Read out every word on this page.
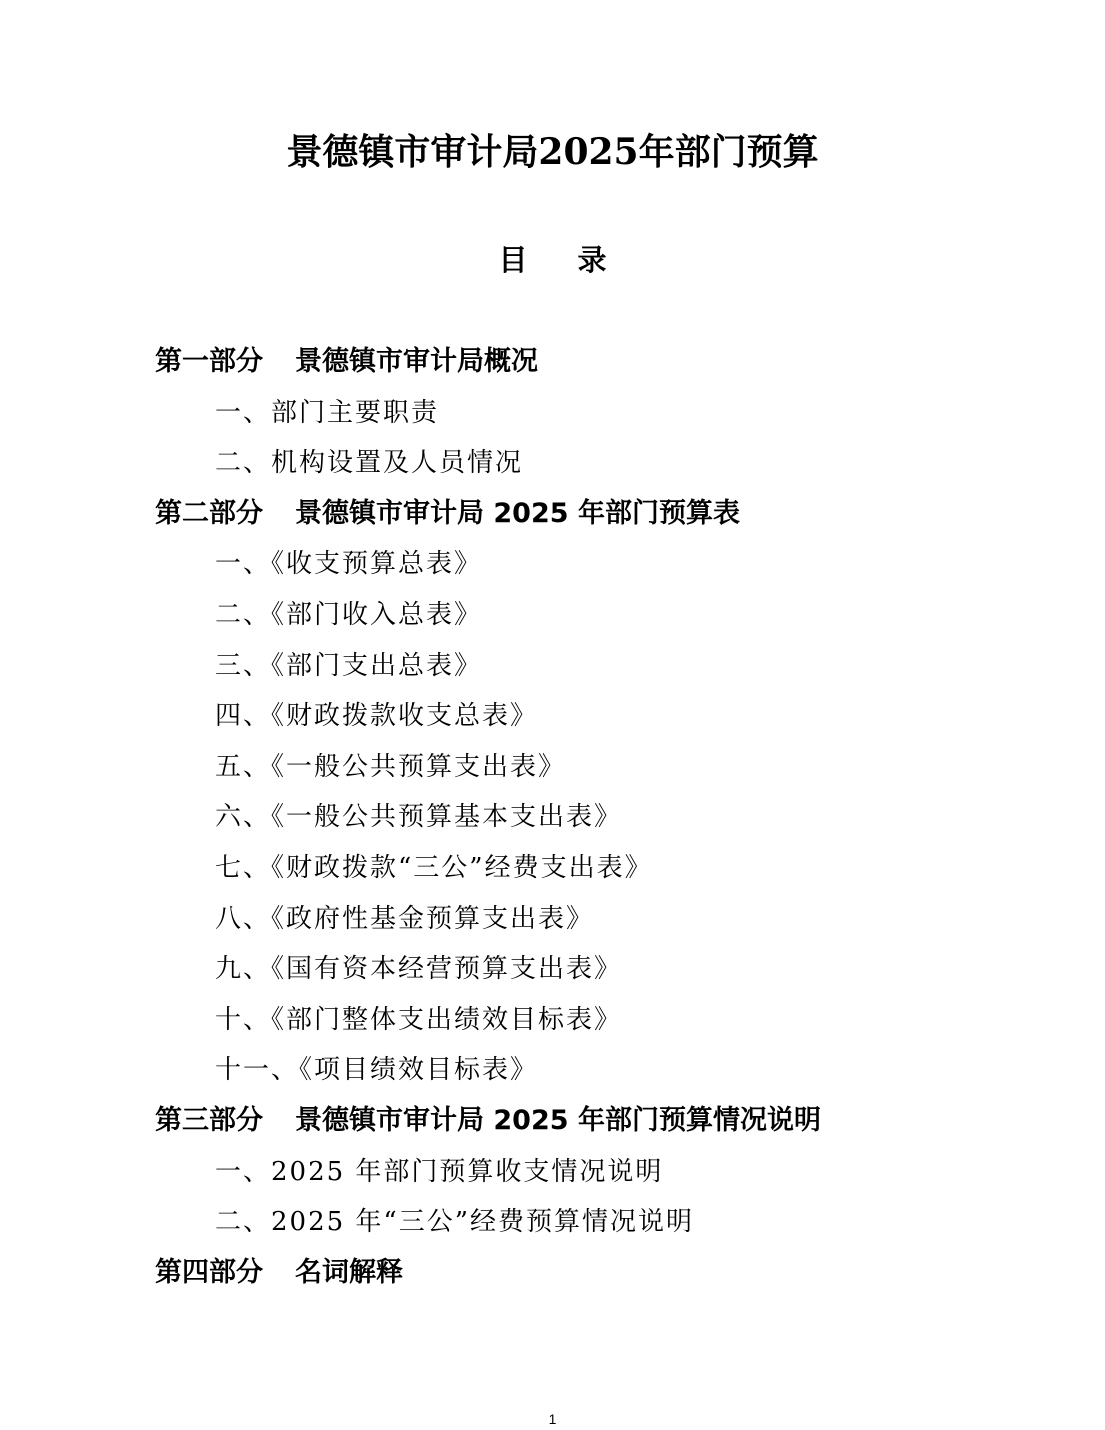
景德镇市审计局2025年部门预算
目录
第一部分 景德镇市审计局概况
一、部门主要职责
二、机构设置及人员情况
第二部分 景德镇市审计局 2025 年部门预算表
一、《收支预算总表》
二、《部门收入总表》
三、《部门支出总表》
四、《财政拨款收支总表》
五、《一般公共预算支出表》
六、《一般公共预算基本支出表》
七、《财政拨款“三公”经费支出表》
八、《政府性基金预算支出表》
九、《国有资本经营预算支出表》
十、《部门整体支出绩效目标表》
十一、《项目绩效目标表》
第三部分 景德镇市审计局 2025 年部门预算情况说明
一、2025 年部门预算收支情况说明
二、2025 年“三公”经费预算情况说明
第四部分 名词解释
1
